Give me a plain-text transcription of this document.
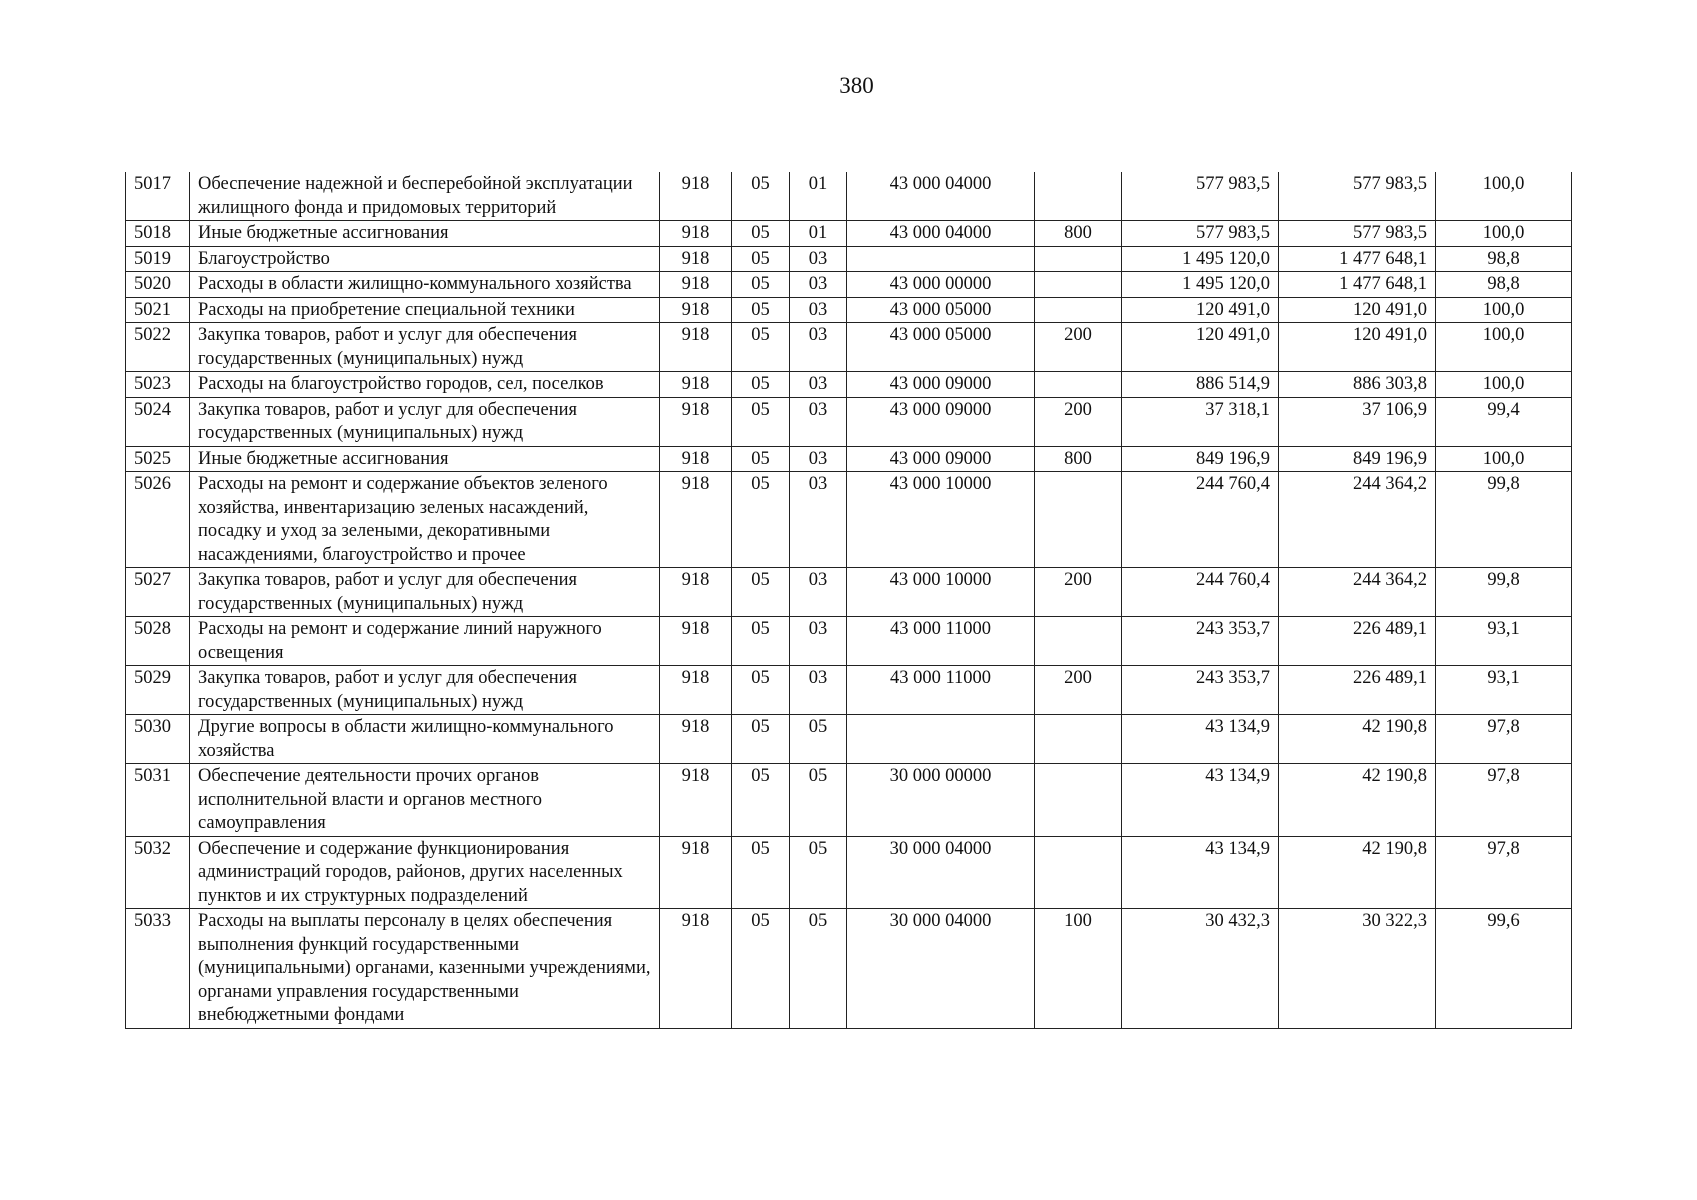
380
5017	Обеспечение надежной и бесперебойной эксплуатации жилищного фонда и придомовых территорий	918	05	01	43 000 04000		577 983,5	577 983,5	100,0
5018	Иные бюджетные ассигнования	918	05	01	43 000 04000	800	577 983,5	577 983,5	100,0
5019	Благоустройство	918	05	03			1 495 120,0	1 477 648,1	98,8
5020	Расходы в области жилищно-коммунального хозяйства	918	05	03	43 000 00000		1 495 120,0	1 477 648,1	98,8
5021	Расходы на приобретение специальной техники	918	05	03	43 000 05000		120 491,0	120 491,0	100,0
5022	Закупка товаров, работ и услуг для обеспечения государственных (муниципальных) нужд	918	05	03	43 000 05000	200	120 491,0	120 491,0	100,0
5023	Расходы на благоустройство городов, сел, поселков	918	05	03	43 000 09000		886 514,9	886 303,8	100,0
5024	Закупка товаров, работ и услуг для обеспечения государственных (муниципальных) нужд	918	05	03	43 000 09000	200	37 318,1	37 106,9	99,4
5025	Иные бюджетные ассигнования	918	05	03	43 000 09000	800	849 196,9	849 196,9	100,0
5026	Расходы на ремонт и содержание объектов зеленого хозяйства, инвентаризацию зеленых насаждений, посадку и уход за зелеными, декоративными насаждениями, благоустройство и прочее	918	05	03	43 000 10000		244 760,4	244 364,2	99,8
5027	Закупка товаров, работ и услуг для обеспечения государственных (муниципальных) нужд	918	05	03	43 000 10000	200	244 760,4	244 364,2	99,8
5028	Расходы на ремонт и содержание линий наружного освещения	918	05	03	43 000 11000		243 353,7	226 489,1	93,1
5029	Закупка товаров, работ и услуг для обеспечения государственных (муниципальных) нужд	918	05	03	43 000 11000	200	243 353,7	226 489,1	93,1
5030	Другие вопросы в области жилищно-коммунального хозяйства	918	05	05			43 134,9	42 190,8	97,8
5031	Обеспечение деятельности прочих органов исполнительной власти и органов местного самоуправления	918	05	05	30 000 00000		43 134,9	42 190,8	97,8
5032	Обеспечение и содержание функционирования администраций городов, районов, других населенных пунктов и их структурных подразделений	918	05	05	30 000 04000		43 134,9	42 190,8	97,8
5033	Расходы на выплаты персоналу в целях обеспечения выполнения функций государственными (муниципальными) органами, казенными учреждениями, органами управления государственными внебюджетными фондами	918	05	05	30 000 04000	100	30 432,3	30 322,3	99,6
